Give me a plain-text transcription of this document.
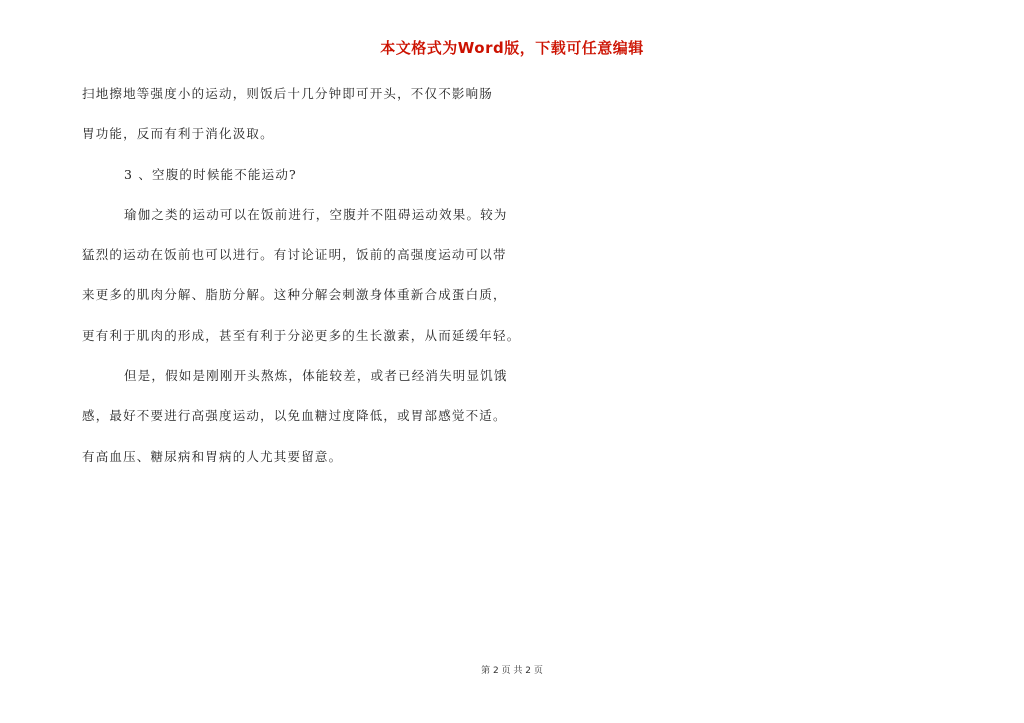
本文格式为Word版，下载可任意编辑
扫地擦地等强度小的运动，则饭后十几分钟即可开头，不仅不影响肠
胃功能，反而有利于消化汲取。
3 、空腹的时候能不能运动?
瑜伽之类的运动可以在饭前进行，空腹并不阻碍运动效果。较为
猛烈的运动在饭前也可以进行。有讨论证明，饭前的高强度运动可以带
来更多的肌肉分解、脂肪分解。这种分解会刺激身体重新合成蛋白质，
更有利于肌肉的形成，甚至有利于分泌更多的生长激素，从而延缓年轻。
但是，假如是刚刚开头熬炼，体能较差，或者已经消失明显饥饿
感，最好不要进行高强度运动，以免血糖过度降低，或胃部感觉不适。
有高血压、糖尿病和胃病的人尤其要留意。
第 2 页 共 2 页
